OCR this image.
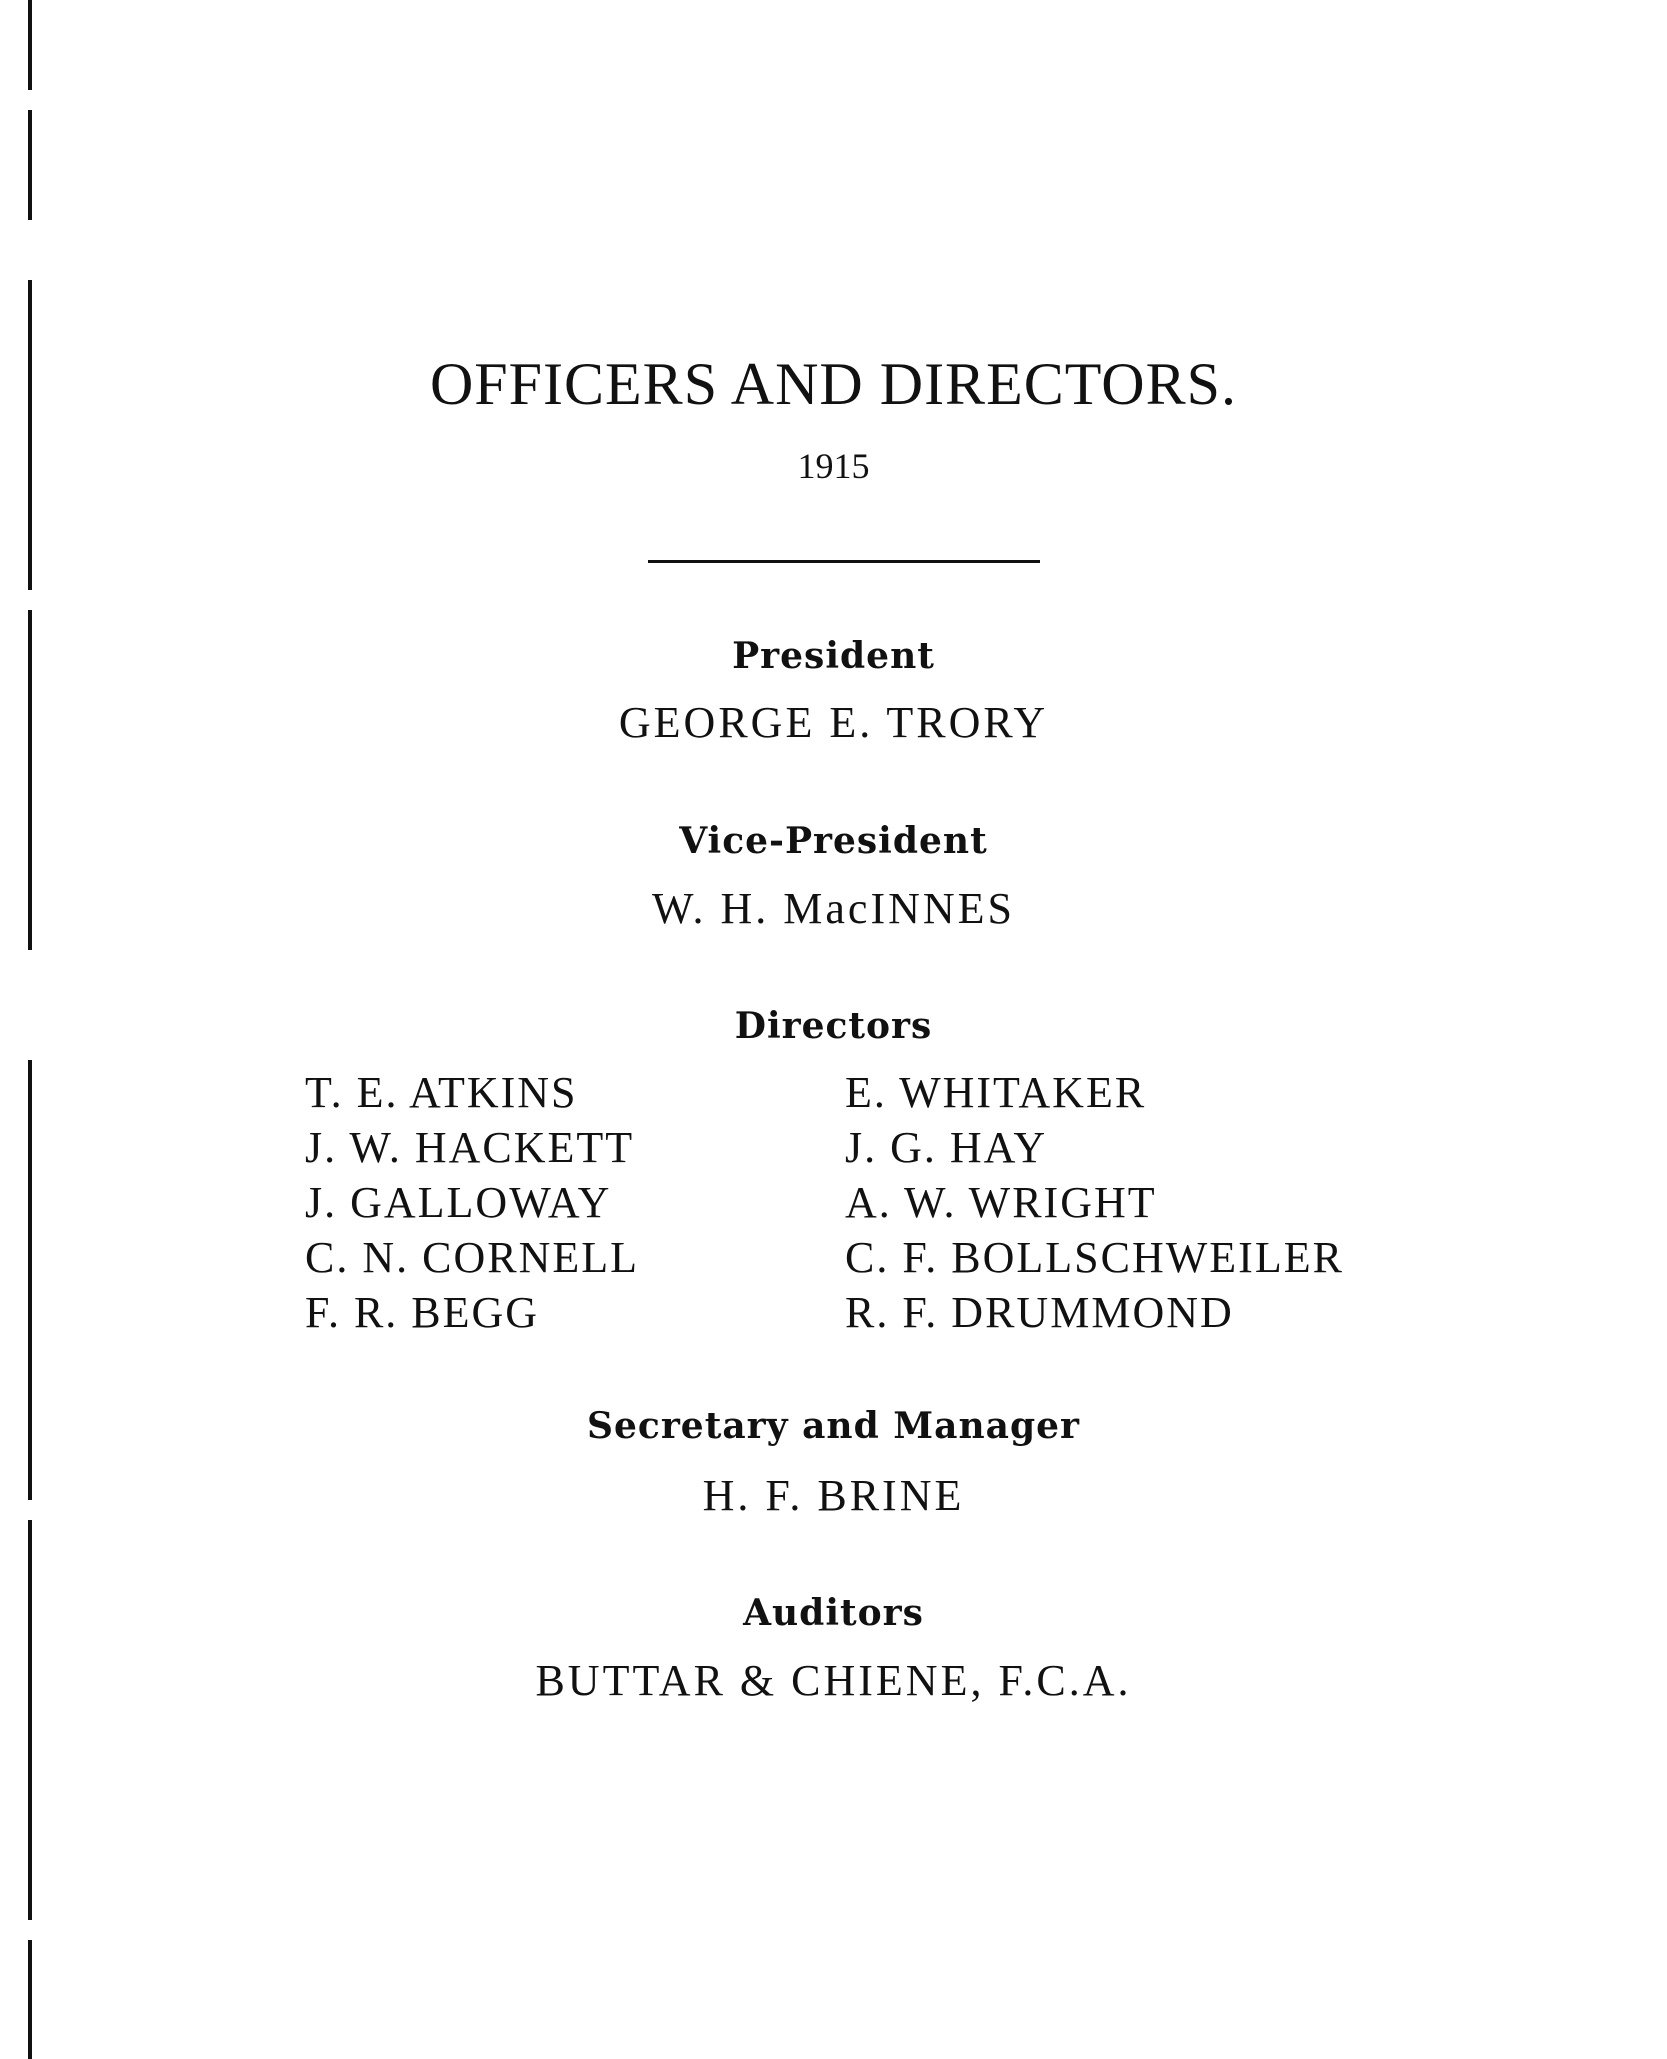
OFFICERS AND DIRECTORS.

1915

President

GEORGE E. TRORY

Vice-President

W. H. MacINNES

Directors
T. E. ATKINS
J. W. HACKETT
J. GALLOWAY
C. N. CORNELL
F. R. BEGG
E. WHITAKER
J. G. HAY
A. W. WRIGHT
C. F. BOLLSCHWEILER
R. F. DRUMMOND
Secretary and Manager

H. F. BRINE

Auditors

BUTTAR & CHIENE, F.C.A.
